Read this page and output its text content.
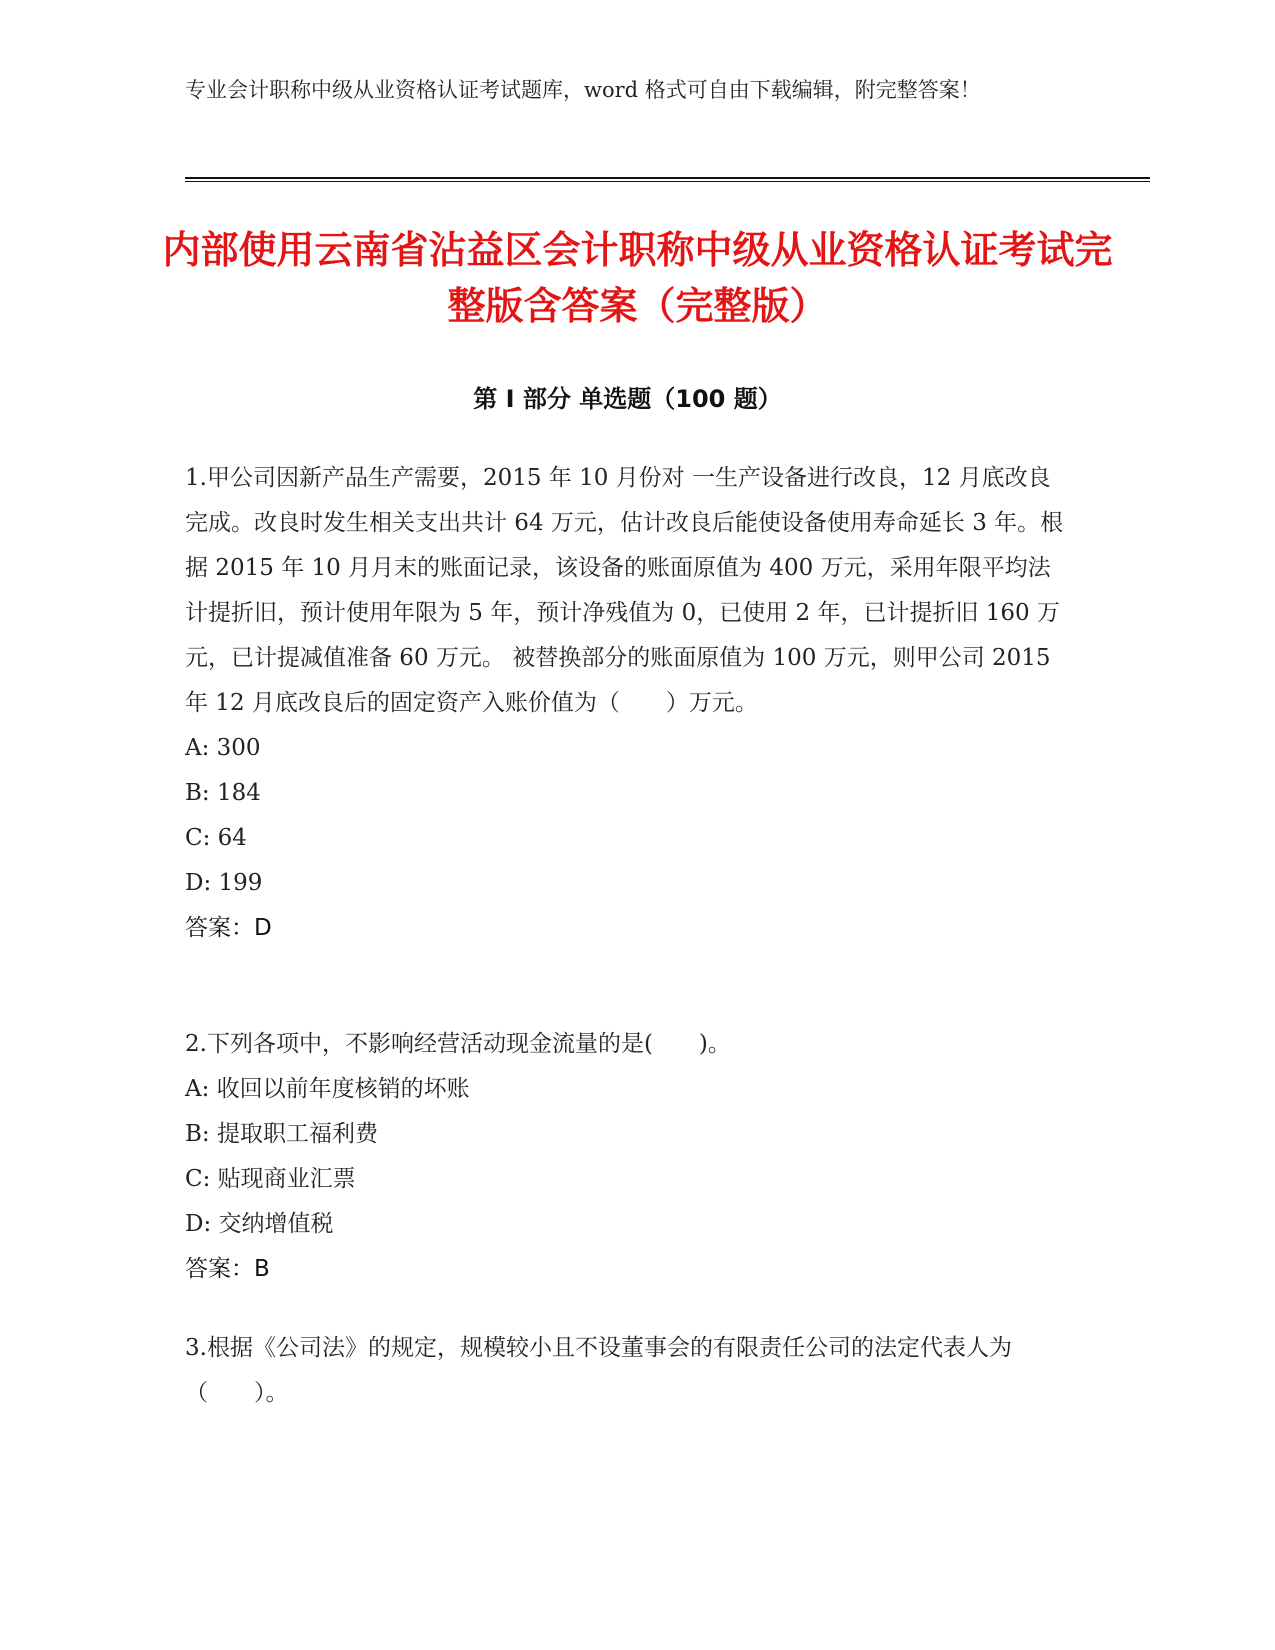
专业会计职称中级从业资格认证考试题库，word 格式可自由下载编辑，附完整答案！
内部使用云南省沾益区会计职称中级从业资格认证考试完整版含答案（完整版）
第 I 部分 单选题（100 题）
1.甲公司因新产品生产需要，2015 年 10 月份对 一生产设备进行改良，12 月底改良完成。改良时发生相关支出共计 64 万元，估计改良后能使设备使用寿命延长 3 年。根据 2015 年 10 月月末的账面记录，该设备的账面原值为 400 万元，采用年限平均法计提折旧，预计使用年限为 5 年，预计净残值为 0，已使用 2 年，已计提折旧 160 万元，已计提减值准备 60 万元。 被替换部分的账面原值为 100 万元，则甲公司 2015 年 12 月底改良后的固定资产入账价值为（　　）万元。
A: 300
B: 184
C: 64
D: 199
答案：D
2.下列各项中，不影响经营活动现金流量的是(　　)。
A: 收回以前年度核销的坏账
B: 提取职工福利费
C: 贴现商业汇票
D: 交纳增值税
答案：B
3.根据《公司法》的规定，规模较小且不设董事会的有限责任公司的法定代表人为（　　）。
